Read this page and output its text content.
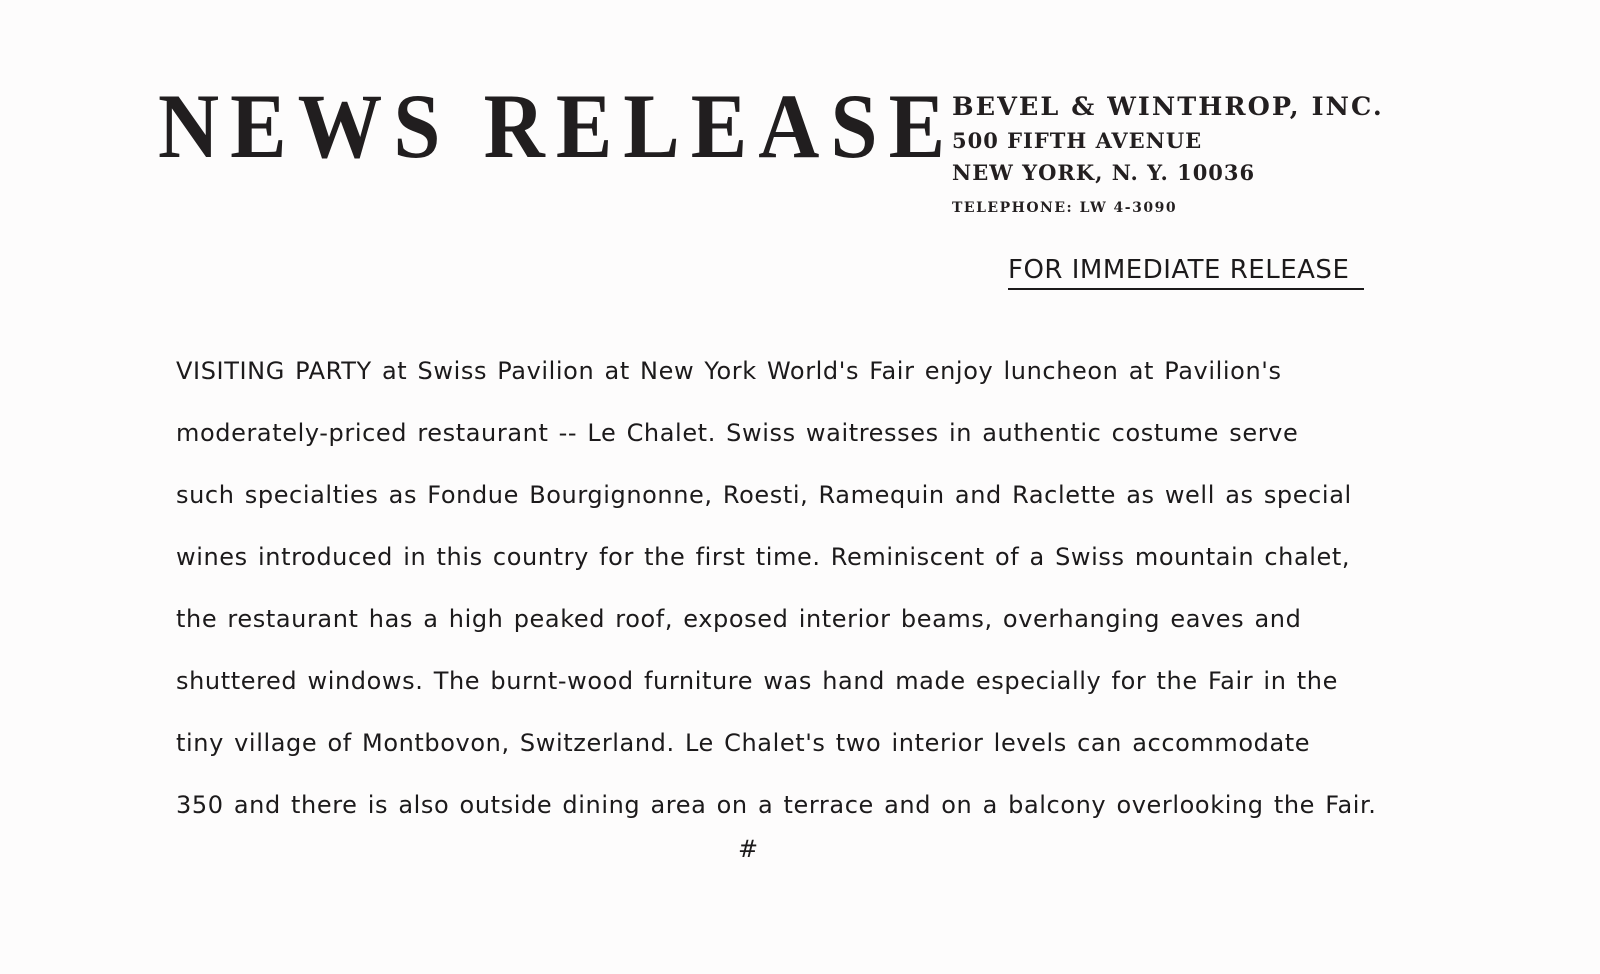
NEWS RELEASE
BEVEL & WINTHROP, INC.
500 FIFTH AVENUE
NEW YORK, N. Y. 10036
TELEPHONE: LW 4-3090
FOR IMMEDIATE RELEASE
VISITING PARTY at Swiss Pavilion at New York World's Fair enjoy luncheon at Pavilion's
moderately-priced restaurant -- Le Chalet. Swiss waitresses in authentic costume serve
such specialties as Fondue Bourgignonne, Roesti, Ramequin and Raclette as well as special
wines introduced in this country for the first time. Reminiscent of a Swiss mountain chalet,
the restaurant has a high peaked roof, exposed interior beams, overhanging eaves and
shuttered windows. The burnt-wood furniture was hand made especially for the Fair in the
tiny village of Montbovon, Switzerland. Le Chalet's two interior levels can accommodate
350 and there is also outside dining area on a terrace and on a balcony overlooking the Fair.
#
